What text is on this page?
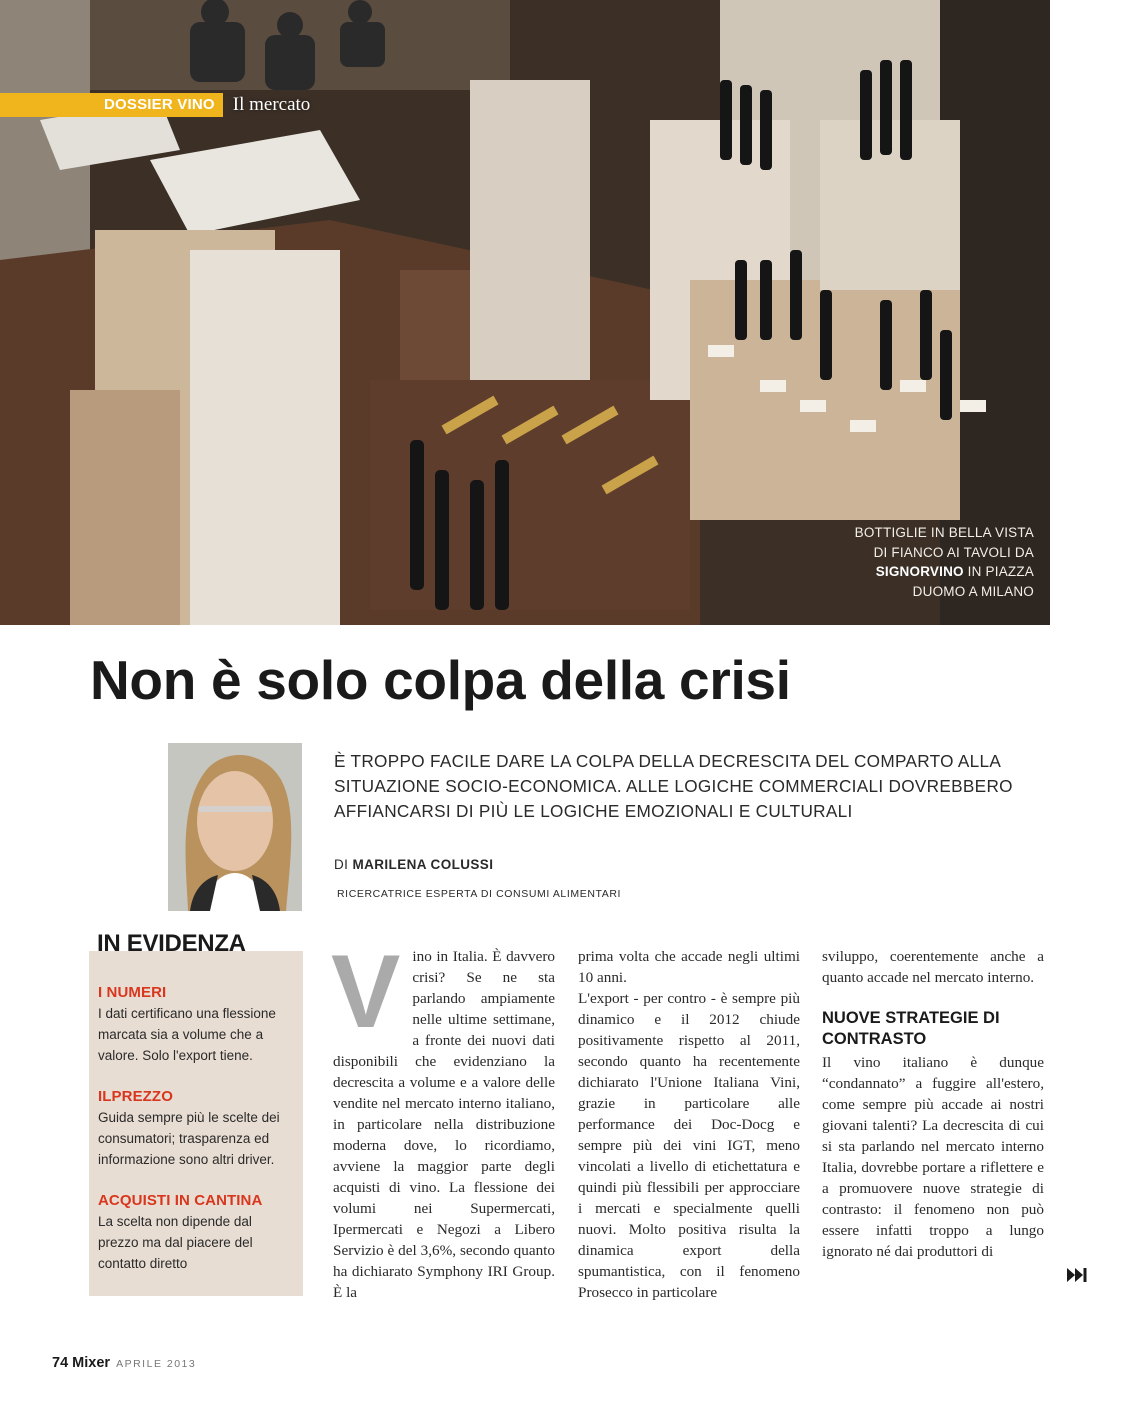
DOSSIER VINO Il mercato
BOTTIGLIE IN BELLA VISTA
DI FIANCO AI TAVOLI DA
SIGNORVINO IN PIAZZA
DUOMO A MILANO
Non è solo colpa della crisi

È TROPPO FACILE DARE LA COLPA DELLA DECRESCITA DEL COMPARTO ALLA SITUAZIONE SOCIO-ECONOMICA. ALLE LOGICHE COMMERCIALI DOVREBBERO AFFIANCARSI DI PIÙ LE LOGICHE EMOZIONALI E CULTURALI

DI MARILENA COLUSSI
RICERCATRICE ESPERTA DI CONSUMI ALIMENTARI
I NUMERI
I dati certificano una flessione marcata sia a volume che a valore. Solo l'export tiene.
ILPREZZO
Guida sempre più le scelte dei consumatori; trasparenza ed informazione sono altri driver.
ACQUISTI IN CANTINA
La scelta non dipende dal prezzo ma dal piacere del contatto diretto
IN EVIDENZA V ino in Italia. È davvero crisi? Se ne sta parlando ampiamente nelle ultime settimane, a fronte dei nuovi dati disponibili che evidenziano la decrescita a volume e a valore delle vendite nel mercato interno italiano, in particolare nella distribuzione moderna dove, lo ricordiamo, avviene la maggior parte degli acquisti di vino. La flessione dei volumi nei Supermercati, Ipermercati e Negozi a Libero Servizio è del 3,6%, secondo quanto ha dichiarato Symphony IRI Group. È la

prima volta che accade negli ultimi 10 anni.

L'export - per contro - è sempre più dinamico e il 2012 chiude positivamente rispetto al 2011, secondo quanto ha recentemente dichiarato l'Unione Italiana Vini, grazie in particolare alle performance dei Doc-Docg e sempre più dei vini IGT, meno vincolati a livello di etichettatura e quindi più flessibili per approcciare i mercati e specialmente quelli nuovi. Molto positiva risulta la dinamica export della spumantistica, con il fenomeno Prosecco in particolare

sviluppo, coerentemente anche a quanto accade nel mercato interno.

NUOVE STRATEGIE DI CONTRASTO

Il vino italiano è dunque “condannato” a fuggire all'estero, come sempre più accade ai nostri giovani talenti? La decrescita di cui si sta parlando nel mercato interno Italia, dovrebbe portare a riflettere e a promuovere nuove strategie di contrasto: il fenomeno non può essere infatti troppo a lungo ignorato né dai produttori di

74 Mixer APRILE 2013
